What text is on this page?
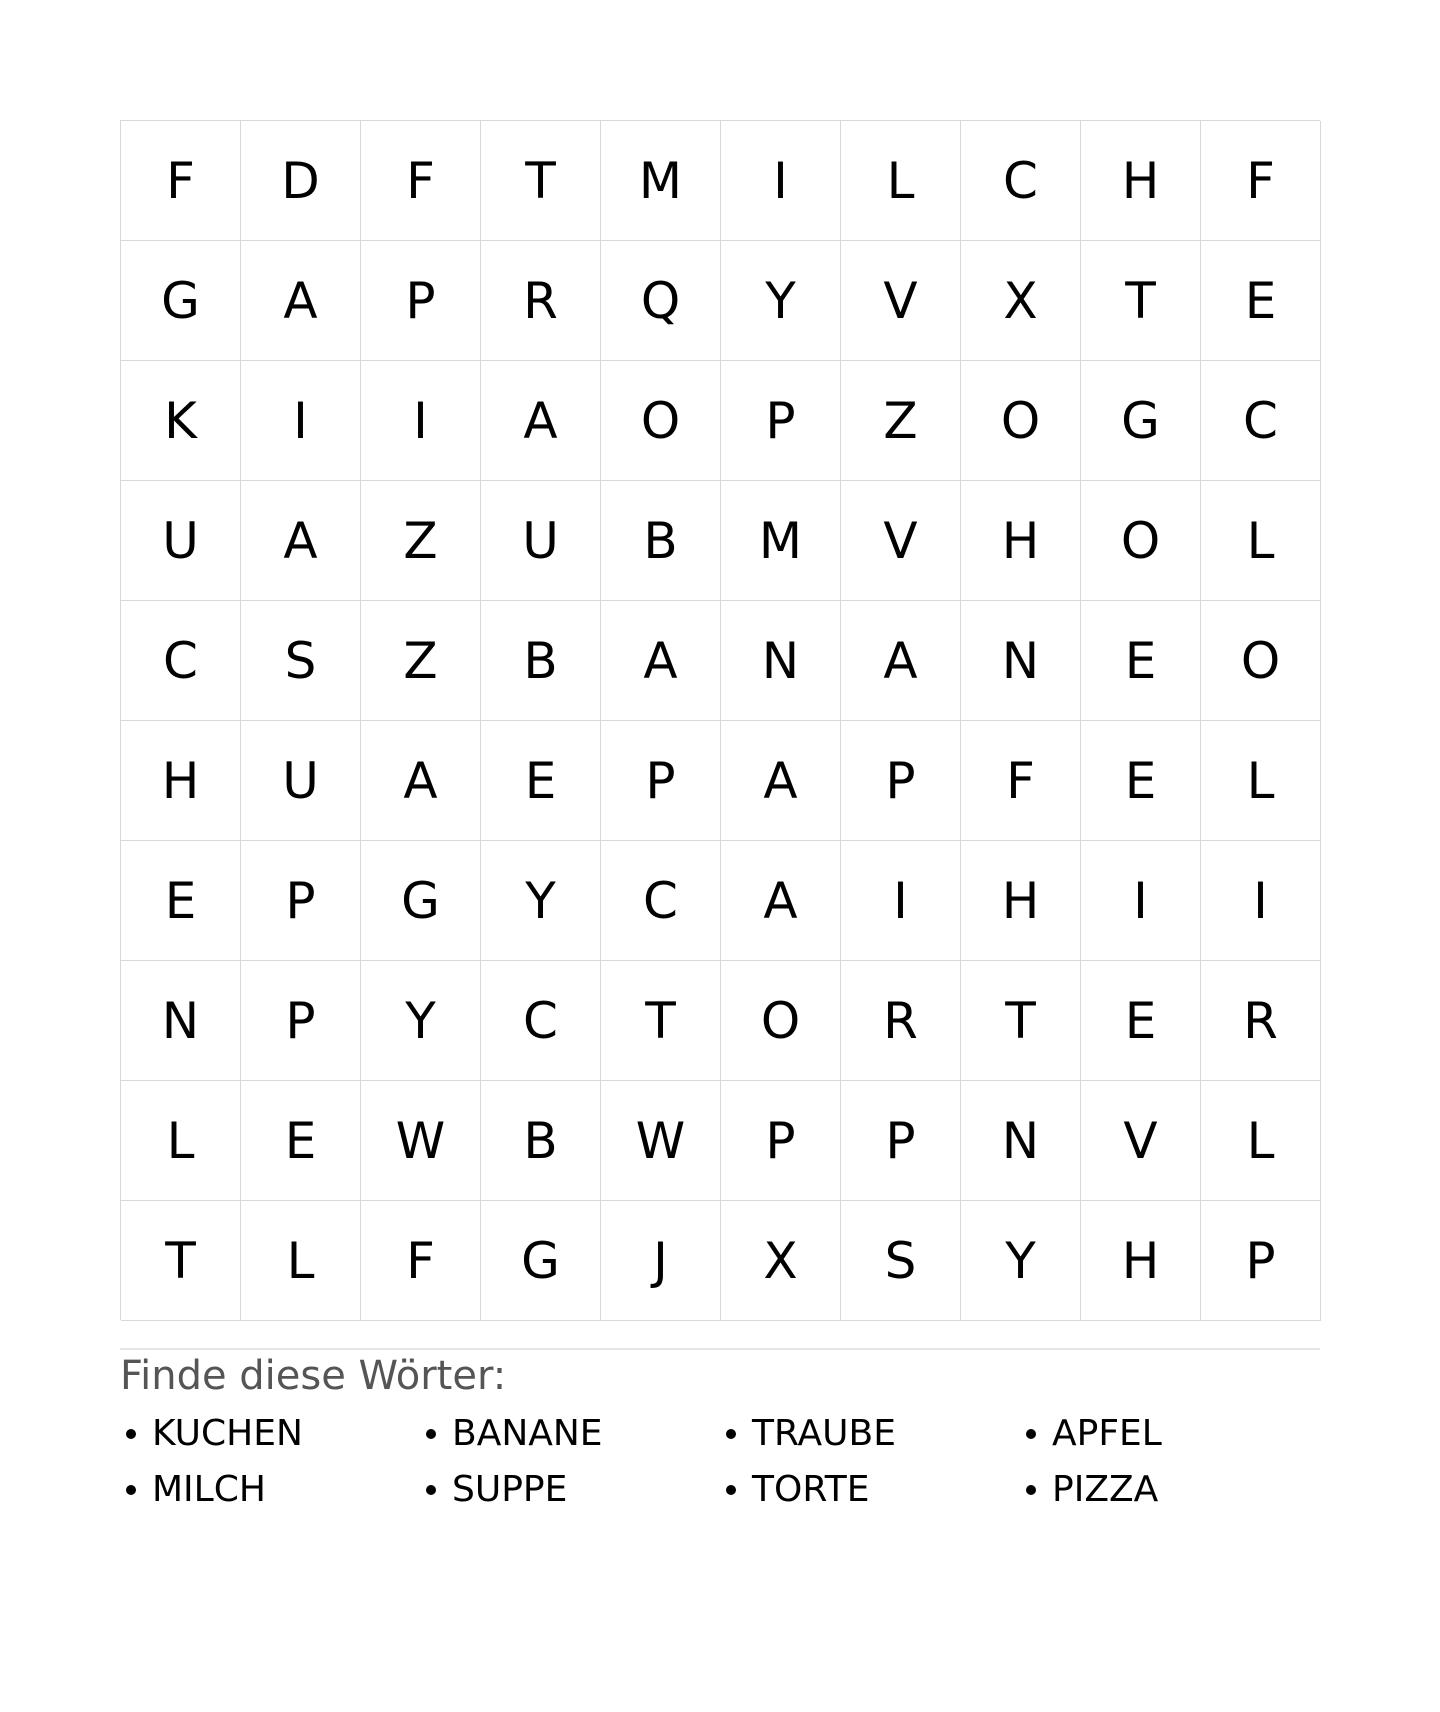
F	D	F	T	M	I	L	C	H	F
G	A	P	R	Q	Y	V	X	T	E
K	I	I	A	O	P	Z	O	G	C
U	A	Z	U	B	M	V	H	O	L
C	S	Z	B	A	N	A	N	E	O
H	U	A	E	P	A	P	F	E	L
E	P	G	Y	C	A	I	H	I	I
N	P	Y	C	T	O	R	T	E	R
L	E	W	B	W	P	P	N	V	L
T	L	F	G	J	X	S	Y	H	P
Finde diese Wörter:
KUCHEN	BANANE	TRAUBE	APFEL
MILCH	SUPPE	TORTE	PIZZA
